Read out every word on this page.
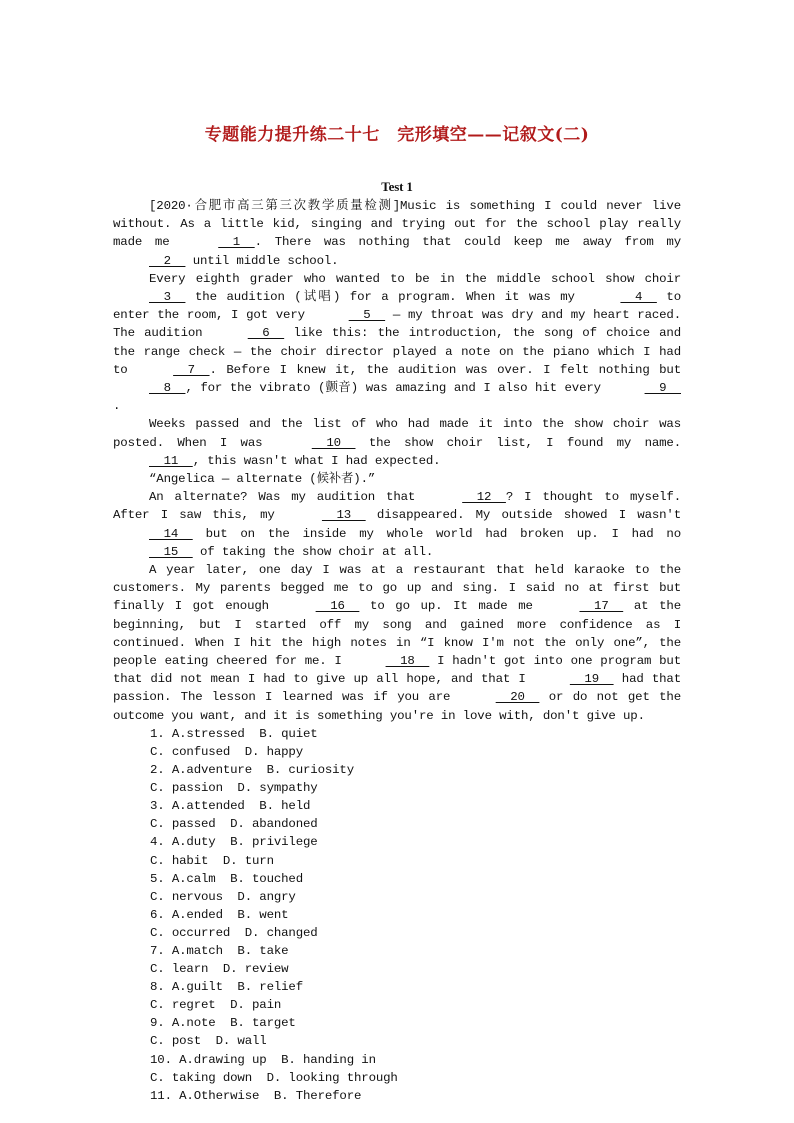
专题能力提升练二十七　完形填空——记叙文(二)
Test 1

[2020·合肥市高三第三次教学质量检测]Music is something I could never live without. As a little kid, singing and trying out for the school play really made me	1  . There was nothing that could keep me away from my   2   until middle school.

Every eighth grader who wanted to be in the middle school show choir   3   the audition (试唱) for a program. When it was my	4   to enter the room, I got very	5   — my throat was dry and my heart raced. The audition	6   like this: the introduction, the song of choice and the range check — the choir director played a note on the piano which I had to	7  . Before I knew it, the audition was over. I felt nothing but   8  , for the vibrato (颤音) was amazing and I also hit every	9  .

Weeks passed and the list of who had made it into the show choir was posted. When I was	10   the show choir list, I found my name.   11  , this wasn't what I had expected.

“Angelica — alternate (候补者).”

An alternate? Was my audition that	12  ? I thought to myself. After I saw this, my	13   disappeared. My outside showed I wasn't   14   but on the inside my whole world had broken up. I had no   15   of taking the show choir at all.

A year later, one day I was at a restaurant that held karaoke to the customers. My parents begged me to go up and sing. I said no at first but finally I got enough	16   to go up. It made me	17   at the beginning, but I started off my song and gained more confidence as I continued. When I hit the high notes in “I know I'm not the only one”, the people eating cheered for me. I	18   I hadn't got into one program but that did not mean I had to give up all hope, and that I	19   had that passion. The lesson I learned was if you are	20   or do not get the outcome you want, and it is something you're in love with, don't give up.

1. A.stressed  B. quiet
C. confused  D. happy
2. A.adventure  B. curiosity
C. passion  D. sympathy
3. A.attended  B. held
C. passed  D. abandoned
4. A.duty  B. privilege
C. habit  D. turn
5. A.calm  B. touched
C. nervous  D. angry
6. A.ended  B. went
C. occurred  D. changed
7. A.match  B. take
C. learn  D. review
8. A.guilt  B. relief
C. regret  D. pain
9. A.note  B. target
C. post  D. wall
10. A.drawing up  B. handing in
C. taking down  D. looking through
11. A.Otherwise  B. Therefore
